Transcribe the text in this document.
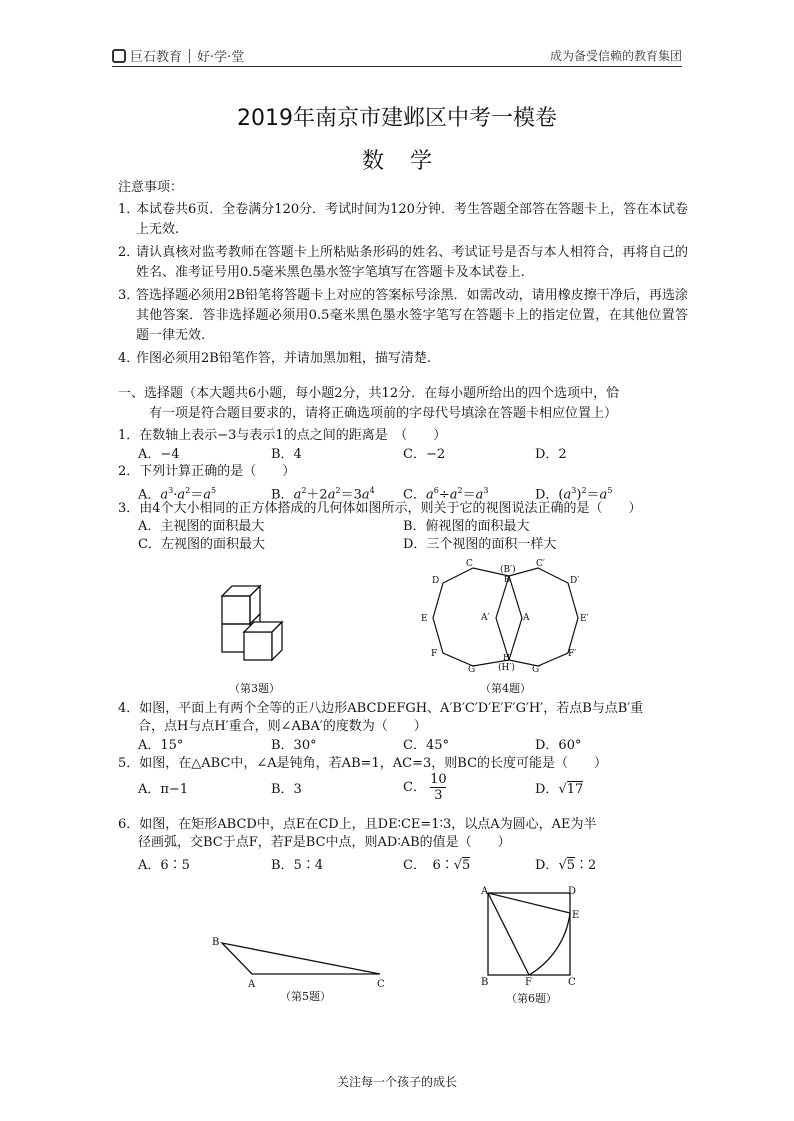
巨石教育 好·学·堂	成为备受信赖的教育集团
2019年南京市建邺区中考一模卷
数学
注意事项：
1．
本试卷共6页．全卷满分120分．考试时间为120分钟．考生答题全部答在答题卡上，答在本试卷上无效.
2．
请认真核对监考教师在答题卡上所粘贴条形码的姓名、考试证号是否与本人相符合，再将自己的姓名、准考证号用0.5毫米黑色墨水签字笔填写在答题卡及本试卷上.
3．
答选择题必须用2B铅笔将答题卡上对应的答案标号涂黑．如需改动，请用橡皮擦干净后，再选涂其他答案．答非选择题必须用0.5毫米黑色墨水签字笔写在答题卡上的指定位置，在其他位置答题一律无效.
4．
作图必须用2B铅笔作答，并请加黑加粗，描写清楚.
一、选择题（本大题共6小题，每小题2分，共12分．在每小题所给出的四个选项中，恰
有一项是符合题目要求的，请将正确选项前的字母代号填涂在答题卡相应位置上）
1．在数轴上表示−3与表示1的点之间的距离是　（　　）
A．−4	B．4	C．−2	D．2
2．下列计算正确的是（　　）
A．$a^3\cdot a^2=a^5$	B．$a^2+2a^2=3a^4$ C．$a^6\div a^2=a^3$	D．$(a^3)^2=a^5$
3．由4个大小相同的正方体搭成的几何体如图所示，则关于它的视图说法正确的是（　　）
A．主视图的面积最大	B．俯视图的面积最大
C．左视图的面积最大	D．三个视图的面积一样大
（第3题）
C
(B′)
B
C′
D	D′
E	E′
A′	A
F	F′
G	G′
H
(H′)
（第4题）
4．如图，平面上有两个全等的正八边形ABCDEFGH、A′B′C′D′E′F′G′H′，若点B与点B′重
合，点H与点H′重合，则∠ABA′的度数为（　　）
A．15°	B．30°	C．45°	D．60°
5．如图，在△ABC中，∠A是钝角，若AB=1，AC=3，则BC的长度可能是（　　）
A．π−1	B．3	C． $\frac{10}{3}$	D．√17
6．如图，在矩形ABCD中，点E在CD上，且DE∶CE=1∶3，以点A为圆心，AE为半
径画弧，交BC于点F，若F是BC中点，则AD∶AB的值是（　　）
A．6∶5	B．5∶4	C．　6∶√5	D．√5∶2
B
A	C
（第5题）
A	D
E
B	F	C
（第6题）
关注每一个孩子的成长
